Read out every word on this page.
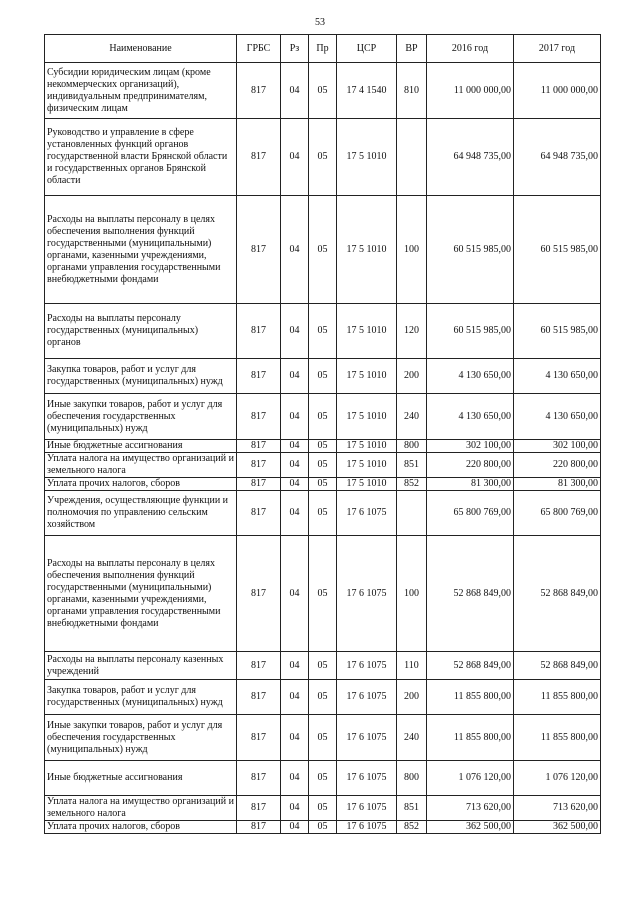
53
Наименование	ГРБС	Рз	Пр	ЦСР	ВР	2016 год	2017 год
Субсидии юридическим лицам (кроме некоммерческих организаций), индивидуальным предпринимателям, физическим лицам	817	04	05	17 4 1540	810	11 000 000,00	11 000 000,00
Руководство и управление в сфере установленных функций органов государственной власти Брянской области и государственных органов Брянской области	817	04	05	17 5 1010		64 948 735,00	64 948 735,00
Расходы на выплаты персоналу в целях обеспечения выполнения функций государственными (муниципальными) органами, казенными учреждениями, органами управления государственными внебюджетными фондами	817	04	05	17 5 1010	100	60 515 985,00	60 515 985,00
Расходы на выплаты персоналу государственных (муниципальных) органов	817	04	05	17 5 1010	120	60 515 985,00	60 515 985,00
Закупка товаров, работ и услуг для государственных (муниципальных) нужд	817	04	05	17 5 1010	200	4 130 650,00	4 130 650,00
Иные закупки товаров, работ и услуг для обеспечения государственных (муниципальных) нужд	817	04	05	17 5 1010	240	4 130 650,00	4 130 650,00
Иные бюджетные ассигнования	817	04	05	17 5 1010	800	302 100,00	302 100,00
Уплата налога на имущество организаций и земельного налога	817	04	05	17 5 1010	851	220 800,00	220 800,00
Уплата прочих налогов, сборов	817	04	05	17 5 1010	852	81 300,00	81 300,00
Учреждения, осуществляющие функции и полномочия по управлению сельским хозяйством	817	04	05	17 6 1075		65 800 769,00	65 800 769,00
Расходы на выплаты персоналу в целях обеспечения выполнения функций государственными (муниципальными) органами, казенными учреждениями, органами управления государственными внебюджетными фондами	817	04	05	17 6 1075	100	52 868 849,00	52 868 849,00
Расходы на выплаты персоналу казенных учреждений	817	04	05	17 6 1075	110	52 868 849,00	52 868 849,00
Закупка товаров, работ и услуг для государственных (муниципальных) нужд	817	04	05	17 6 1075	200	11 855 800,00	11 855 800,00
Иные закупки товаров, работ и услуг для обеспечения государственных (муниципальных) нужд	817	04	05	17 6 1075	240	11 855 800,00	11 855 800,00
Иные бюджетные ассигнования	817	04	05	17 6 1075	800	1 076 120,00	1 076 120,00
Уплата налога на имущество организаций и земельного налога	817	04	05	17 6 1075	851	713 620,00	713 620,00
Уплата прочих налогов, сборов	817	04	05	17 6 1075	852	362 500,00	362 500,00
